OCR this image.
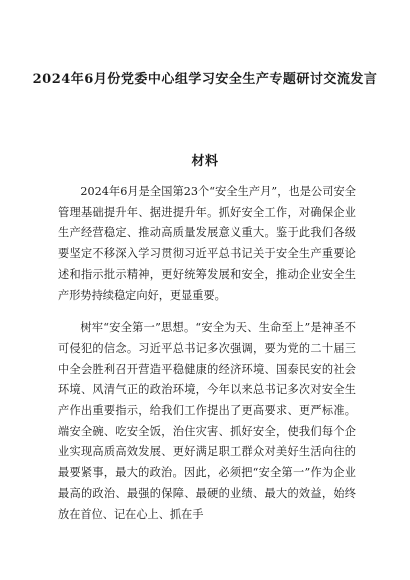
2024年6月份党委中心组学习安全生产专题研讨交流发言
材料

2024年6月是全国第23个“安全生产月”，也是公司安全管理基础提升年、据进提升年。抓好安全工作，对确保企业生产经营稳定、推动高质量发展意义重大。鉴于此我们各级要坚定不移深入学习贯彻习近平总书记关于安全生产重要论述和指示批示精神，更好统筹发展和安全，推动企业安全生产形势持续稳定向好，更显重要。

树牢“安全第一”思想。“安全为天、生命至上”是神圣不可侵犯的信念。习近平总书记多次强调，要为党的二十届三中全会胜利召开营造平稳健康的经济环境、国泰民安的社会环境、风清气正的政治环境，今年以来总书记多次对安全生产作出重要指示，给我们工作提出了更高要求、更严标准。端安全碗、吃安全饭，治住灾害、抓好安全，使我们每个企业实现高质高效发展、更好满足职工群众对美好生活向往的最要紧事，最大的政治。因此，必须把“安全第一”作为企业最高的政治、最强的保障、最硬的业绩、最大的效益，始终放在首位、记在心上、抓在手
